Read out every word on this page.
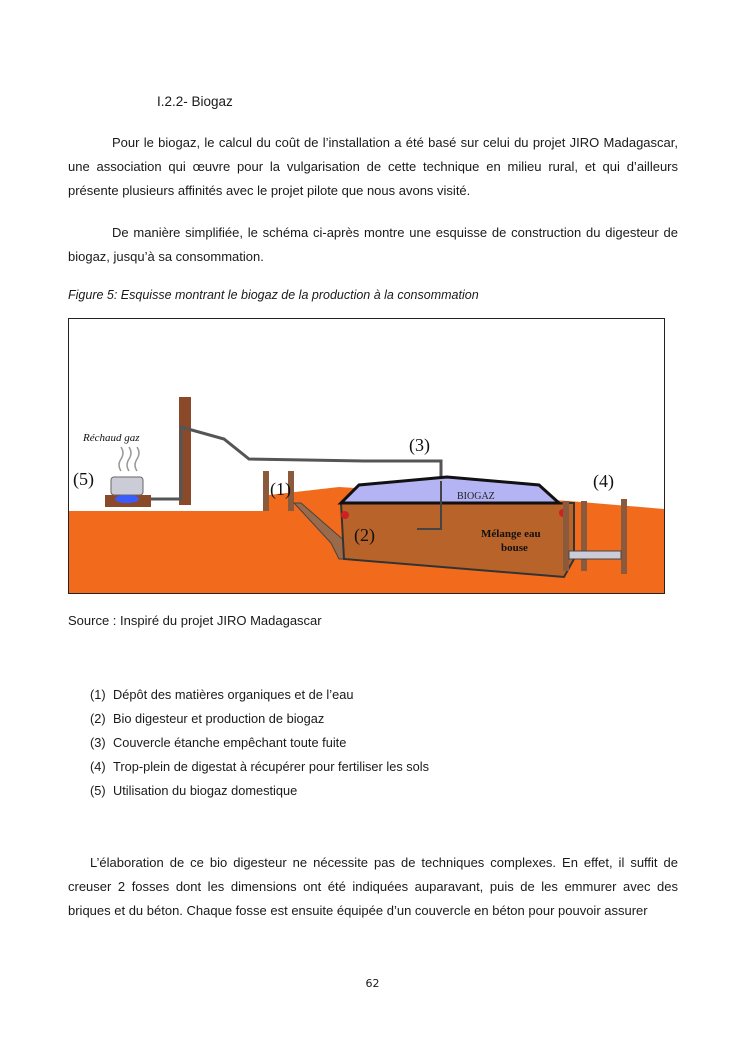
I.2.2- Biogaz

Pour le biogaz, le calcul du coût de l’installation a été basé sur celui du projet JIRO Madagascar, une association qui œuvre pour la vulgarisation de cette technique en milieu rural, et qui d’ailleurs présente plusieurs affinités avec le projet pilote que nous avons visité.

De manière simplifiée, le schéma ci-après montre une esquisse de construction du digesteur de biogaz, jusqu’à sa consommation.

Figure 5: Esquisse montrant le biogaz de la production à la consommation
Réchaud gaz
(5)	(1)
(2)
(3)
(4)
BIOGAZ
Mélange eau
bouse
Source : Inspiré du projet JIRO Madagascar
(1) Dépôt des matières organiques et de l’eau
(2) Bio digesteur et production de biogaz
(3) Couvercle étanche empêchant toute fuite
(4) Trop-plein de digestat à récupérer pour fertiliser les sols
(5) Utilisation du biogaz domestique

L’élaboration de ce bio digesteur ne nécessite pas de techniques complexes. En effet, il suffit de creuser 2 fosses dont les dimensions ont été indiquées auparavant, puis de les emmurer avec des briques et du béton. Chaque fosse est ensuite équipée d’un couvercle en béton pour pouvoir assurer

62
